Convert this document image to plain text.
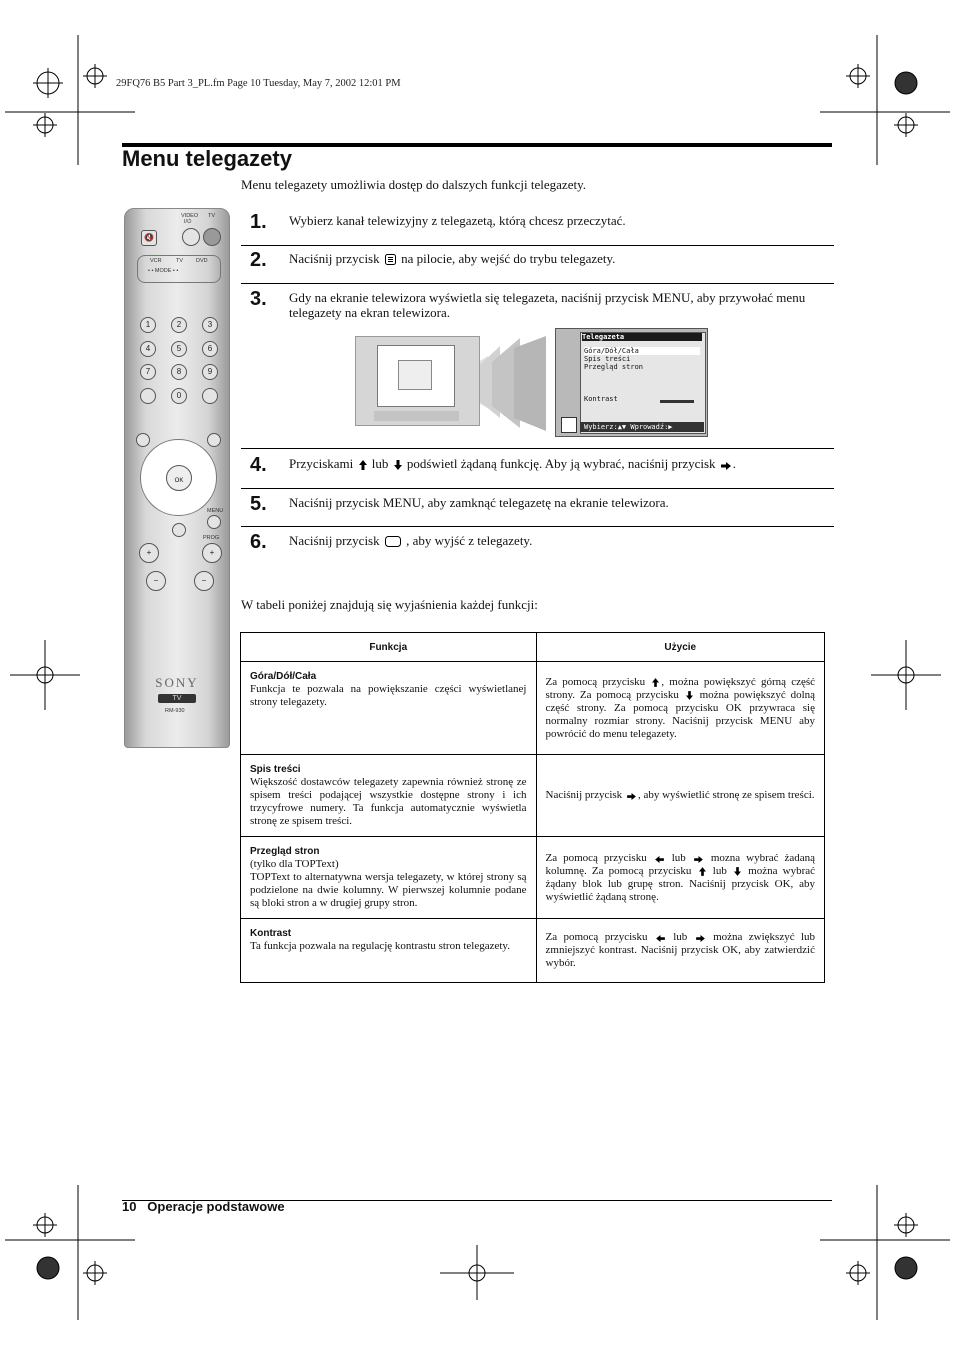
29FQ76 B5 Part 3_PL.fm Page 10 Tuesday, May 7, 2002 12:01 PM
Menu telegazety
Menu telegazety umożliwia dostęp do dalszych funkcji telegazety.
VIDEO TV
I/⏻
🔇
VCR	TV DVD
• • MODE • •
1	2	3
4	5	6
7	8	9
0
OK
MENU
PROG
+	+
−	−
SONY
TV
RM-930
1. Wybierz kanał telewizyjny z telegazetą, którą chcesz przeczytać.
2. Naciśnij przycisk na pilocie, aby wejść do trybu telegazety.
3. Gdy na ekranie telewizora wyświetla się telegazeta, naciśnij przycisk MENU, aby przywołać menu telegazety na ekran telewizora.
Telegazeta
Góra/Dół/Cała
Spis treści
Przegląd stron
Kontrast
Wybierz:▲▼ Wprowadź:▶
4. Przyciskami lub podświetl żądaną funkcję. Aby ją wybrać, naciśnij przycisk .
5. Naciśnij przycisk MENU, aby zamknąć telegazetę na ekranie telewizora.
6. Naciśnij przycisk , aby wyjść z telegazety.
W tabeli poniżej znajdują się wyjaśnienia każdej funkcji:
Funkcja	Użycie

Góra/Dół/Cała
Funkcja te pozwala na powiększanie części wyświetlanej strony telegazety.	Za pomocą przycisku , można powiększyć górną część strony. Za pomocą przycisku można powiększyć dolną część strony. Za pomocą przycisku OK przywraca się normalny rozmiar strony. Naciśnij przycisk MENU aby powrócić do menu telegazety.

Spis treści
Większość dostawców telegazety zapewnia również stronę ze spisem treści podającej wszystkie dostępne strony i ich trzycyfrowe numery. Ta funkcja automatycznie wyświetla stronę ze spisem treści.	Naciśnij przycisk , aby wyświetlić stronę ze spisem treści.

Przegląd stron
(tylko dla TOPText)
TOPText to alternatywna wersja telegazety, w której strony są podzielone na dwie kolumny. W pierwszej kolumnie podane są bloki stron a w drugiej grupy stron.	Za pomocą przycisku lub mozna wybrać żadaną kolumnę. Za pomocą przycisku lub można wybrać żądany blok lub grupę stron. Naciśnij przycisk OK, aby wyświetlić żądaną stronę.

Kontrast
Ta funkcja pozwala na regulację kontrastu stron telegazety.	Za pomocą przycisku lub można zwiększyć lub zmniejszyć kontrast. Naciśnij przycisk OK, aby zatwierdzić wybór.
10   Operacje podstawowe
